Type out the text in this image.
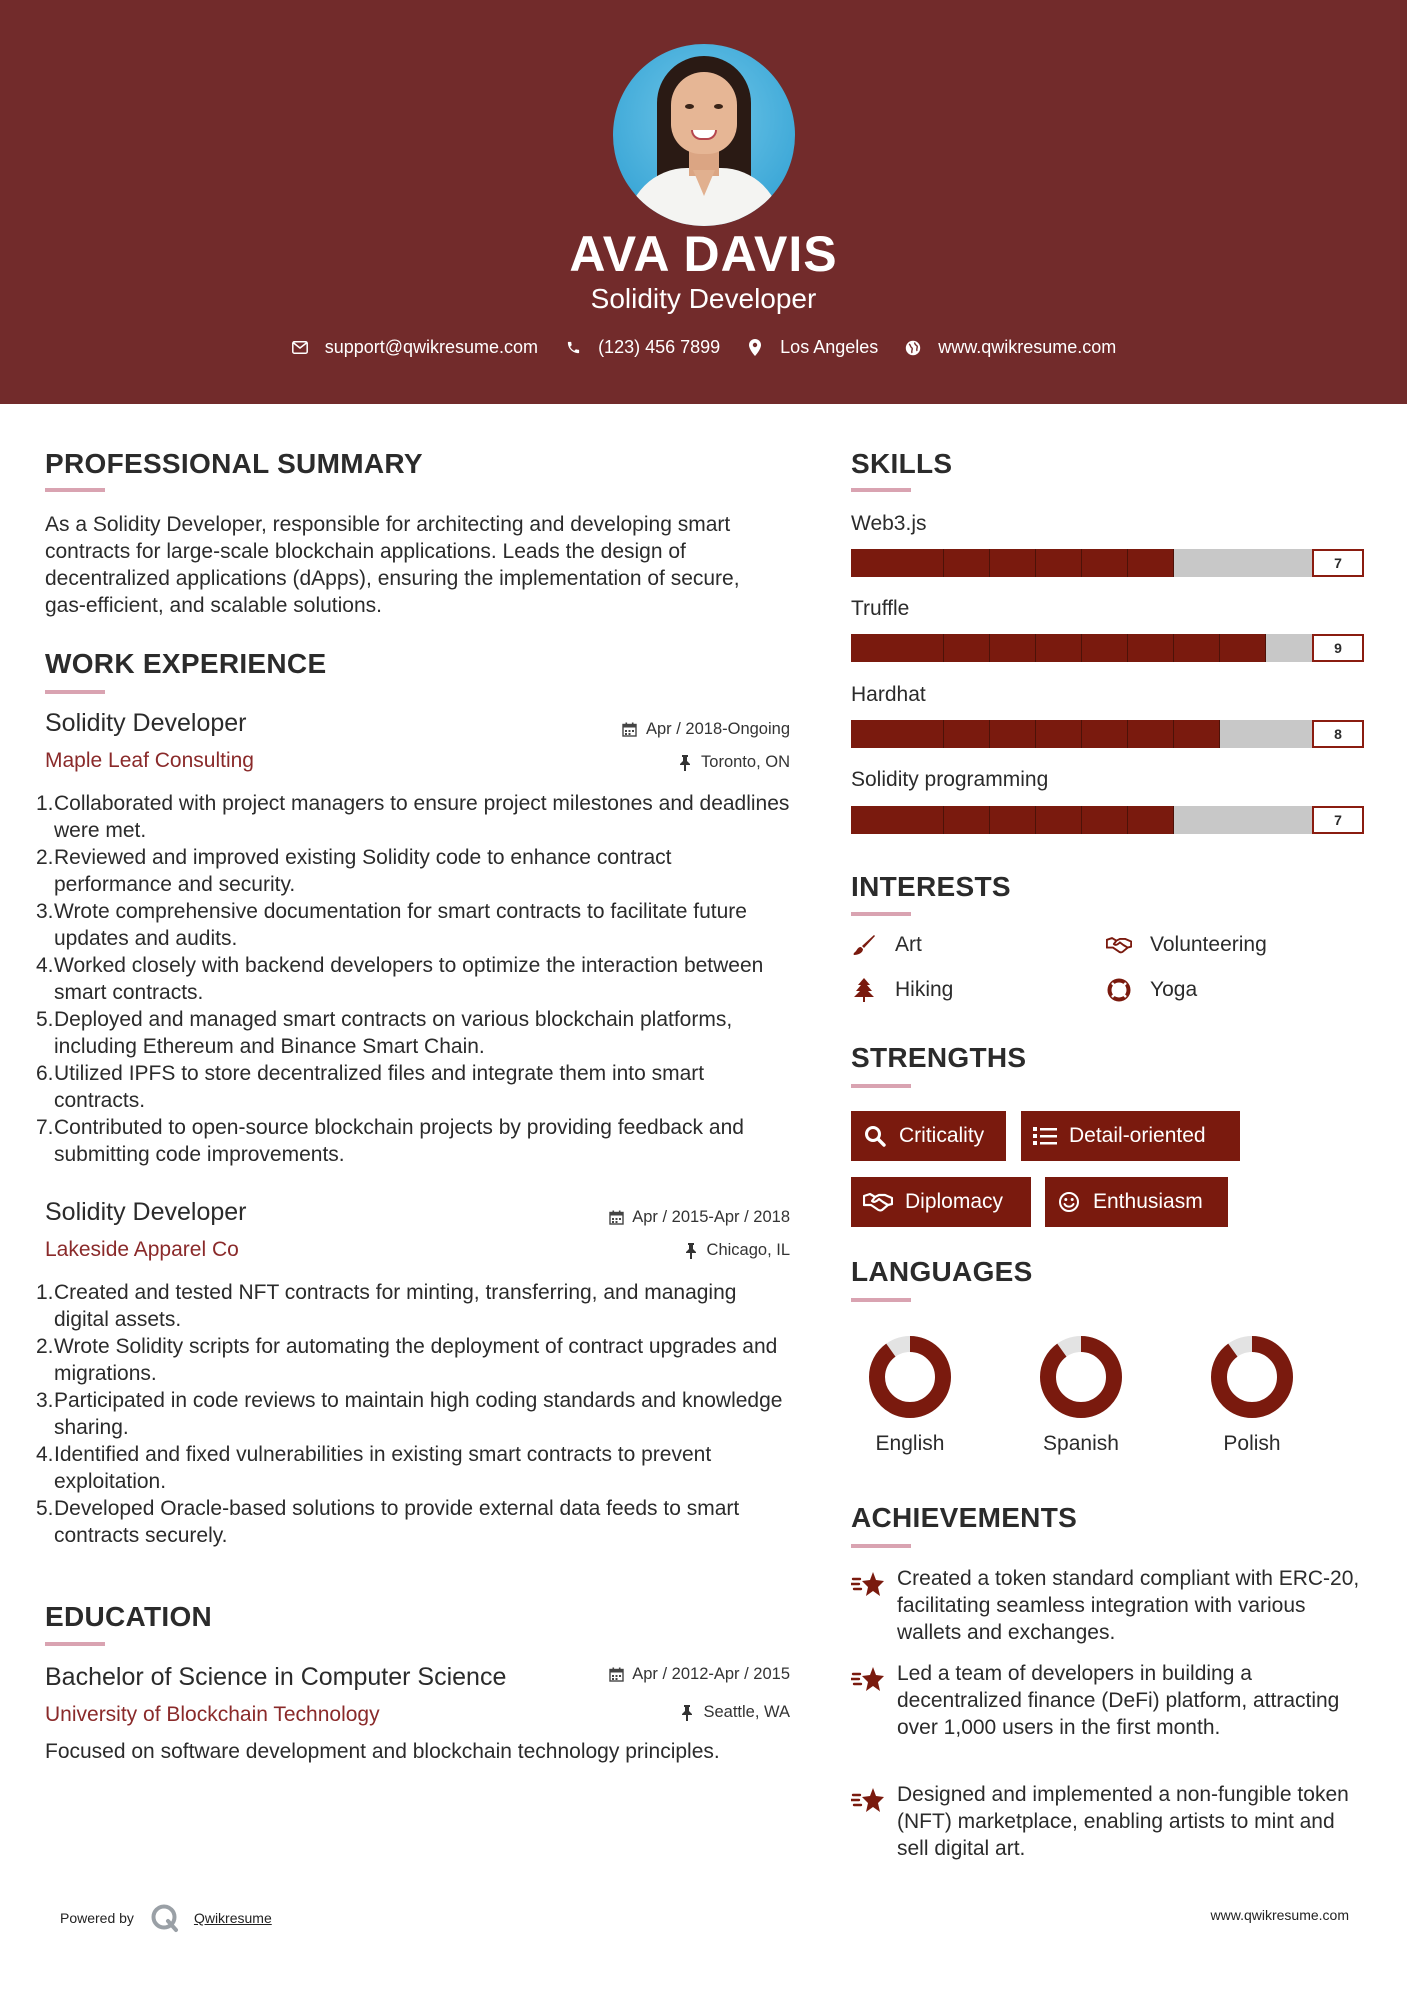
AVA DAVIS
Solidity Developer
support@qwikresume.com	(123) 456 7899	Los Angeles	www.qwikresume.com
PROFESSIONAL SUMMARY
As a Solidity Developer, responsible for architecting and developing smart contracts for large-scale blockchain applications. Leads the design of decentralized applications (dApps), ensuring the implementation of secure, gas-efficient, and scalable solutions.
WORK EXPERIENCE
Solidity Developer	Apr / 2018-Ongoing
Maple Leaf Consulting	Toronto, ON
1. Collaborated with project managers to ensure project milestones and deadlines were met.
2. Reviewed and improved existing Solidity code to enhance contract performance and security.
3. Wrote comprehensive documentation for smart contracts to facilitate future updates and audits.
4. Worked closely with backend developers to optimize the interaction between smart contracts.
5. Deployed and managed smart contracts on various blockchain platforms, including Ethereum and Binance Smart Chain.
6. Utilized IPFS to store decentralized files and integrate them into smart contracts.
7. Contributed to open-source blockchain projects by providing feedback and submitting code improvements.
Solidity Developer	Apr / 2015-Apr / 2018
Lakeside Apparel Co	Chicago, IL
1. Created and tested NFT contracts for minting, transferring, and managing digital assets.
2. Wrote Solidity scripts for automating the deployment of contract upgrades and migrations.
3. Participated in code reviews to maintain high coding standards and knowledge sharing.
4. Identified and fixed vulnerabilities in existing smart contracts to prevent exploitation.
5. Developed Oracle-based solutions to provide external data feeds to smart contracts securely.
EDUCATION
Bachelor of Science in Computer Science	Apr / 2012-Apr / 2015
University of Blockchain Technology	Seattle, WA
Focused on software development and blockchain technology principles.
SKILLS
Web3.js
7
Truffle
9
Hardhat
8
Solidity programming
7
INTERESTS
Art	Volunteering
Hiking	Yoga
STRENGTHS
Criticality	Detail-oriented
Diplomacy	Enthusiasm
LANGUAGES
English	Spanish	Polish
ACHIEVEMENTS
Created a token standard compliant with ERC-20, facilitating seamless integration with various wallets and exchanges.
Led a team of developers in building a decentralized finance (DeFi) platform, attracting over 1,000 users in the first month.
Designed and implemented a non-fungible token (NFT) marketplace, enabling artists to mint and sell digital art.
Powered by	Qwikresume	www.qwikresume.com
